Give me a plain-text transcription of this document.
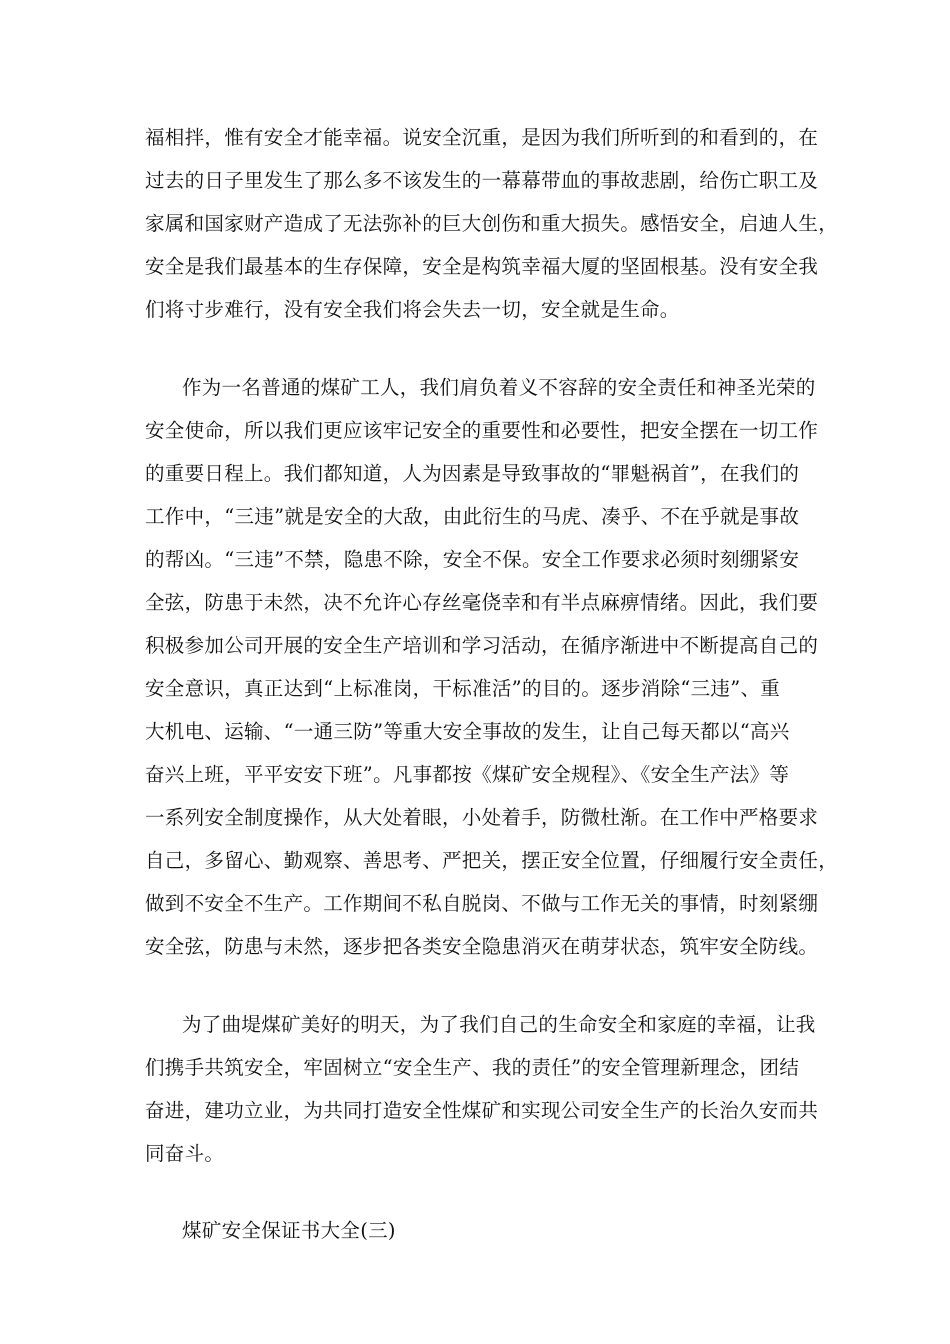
福相拌，惟有安全才能幸福。说安全沉重，是因为我们所听到的和看到的，在
过去的日子里发生了那么多不该发生的一幕幕带血的事故悲剧，给伤亡职工及
家属和国家财产造成了无法弥补的巨大创伤和重大损失。感悟安全，启迪人生，
安全是我们最基本的生存保障，安全是构筑幸福大厦的坚固根基。没有安全我
们将寸步难行，没有安全我们将会失去一切，安全就是生命。
作为一名普通的煤矿工人，我们肩负着义不容辞的安全责任和神圣光荣的
安全使命，所以我们更应该牢记安全的重要性和必要性，把安全摆在一切工作
的重要日程上。我们都知道，人为因素是导致事故的“罪魁祸首”，在我们的
工作中，“三违”就是安全的大敌，由此衍生的马虎、凑乎、不在乎就是事故
的帮凶。“三违”不禁，隐患不除，安全不保。安全工作要求必须时刻绷紧安
全弦，防患于未然，决不允许心存丝毫侥幸和有半点麻痹情绪。因此，我们要
积极参加公司开展的安全生产培训和学习活动，在循序渐进中不断提高自己的
安全意识，真正达到“上标准岗，干标准活”的目的。逐步消除“三违”、重
大机电、运输、“一通三防”等重大安全事故的发生，让自己每天都以“高兴
奋兴上班，平平安安下班”。凡事都按《煤矿安全规程》、《安全生产法》等
一系列安全制度操作，从大处着眼，小处着手，防微杜渐。在工作中严格要求
自己，多留心、勤观察、善思考、严把关，摆正安全位置，仔细履行安全责任，
做到不安全不生产。工作期间不私自脱岗、不做与工作无关的事情，时刻紧绷
安全弦，防患与未然，逐步把各类安全隐患消灭在萌芽状态，筑牢安全防线。
为了曲堤煤矿美好的明天，为了我们自己的生命安全和家庭的幸福，让我
们携手共筑安全，牢固树立“安全生产、我的责任”的安全管理新理念，团结
奋进，建功立业，为共同打造安全性煤矿和实现公司安全生产的长治久安而共
同奋斗。
煤矿安全保证书大全(三)
